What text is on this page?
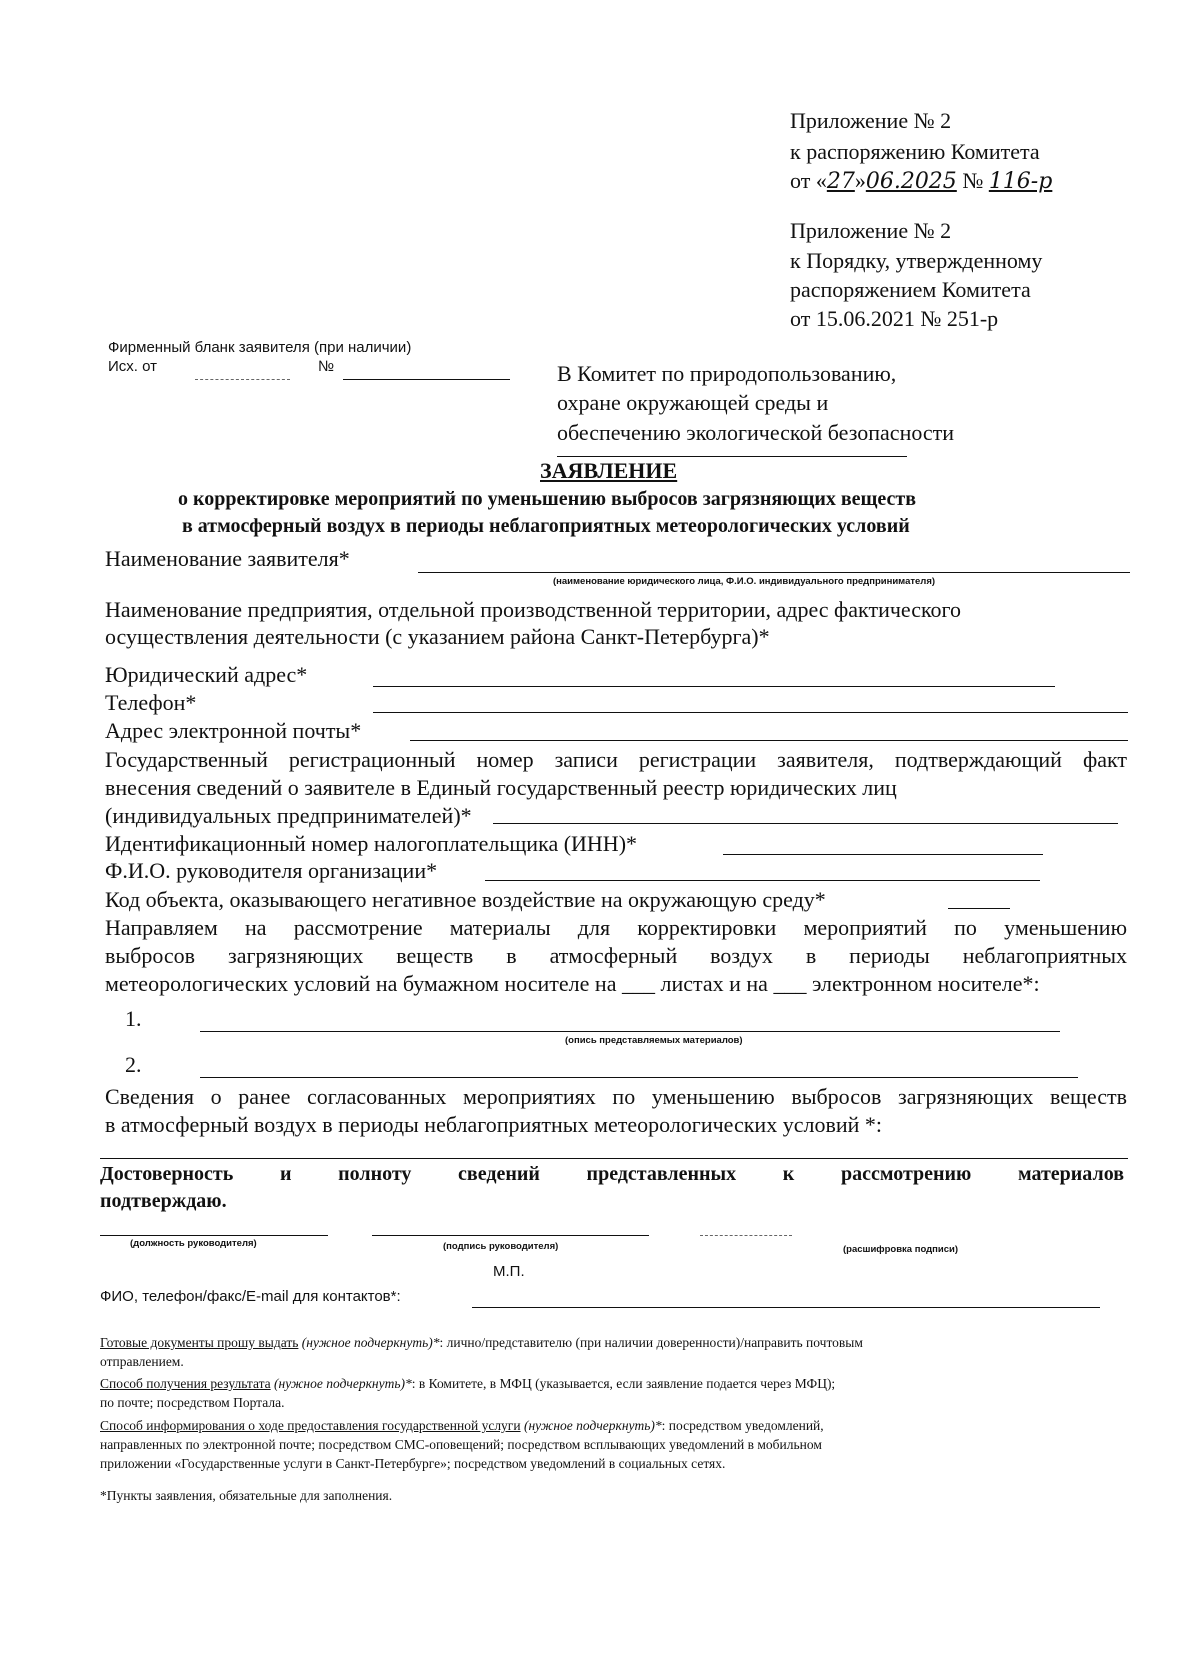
Приложение № 2
к распоряжению Комитета
от «27»06.2025 № 116-р
Приложение № 2
к Порядку, утвержденному
распоряжением Комитета
от 15.06.2021 № 251-р
Фирменный бланк заявителя (при наличии)
Исх. от	№	В Комитет по природопользованию,
охране окружающей среды и
обеспечению экологической безопасности
ЗАЯВЛЕНИЕ
о корректировке мероприятий по уменьшению выбросов загрязняющих веществ
в атмосферный воздух в периоды неблагоприятных метеорологических условий
Наименование заявителя*
(наименование юридического лица, Ф.И.О. индивидуального предпринимателя)
Наименование предприятия, отдельной производственной территории, адрес фактического
осуществления деятельности (с указанием района Санкт-Петербурга)*
Юридический адрес*
Телефон*
Адрес электронной почты*
Государственный регистрационный номер записи регистрации заявителя, подтверждающий факт
внесения сведений о заявителе в Единый государственный реестр юридических лиц
(индивидуальных предпринимателей)*
Идентификационный номер налогоплательщика (ИНН)*
Ф.И.О. руководителя организации*
Код объекта, оказывающего негативное воздействие на окружающую среду*
Направляем на рассмотрение материалы для корректировки мероприятий по уменьшению
выбросов загрязняющих веществ в атмосферный воздух в периоды неблагоприятных
метеорологических условий на бумажном носителе на ___ листах и на ___ электронном носителе*:
1.
(опись представляемых материалов)
2.
Сведения о ранее согласованных мероприятиях по уменьшению выбросов загрязняющих веществ
в атмосферный воздух в периоды неблагоприятных метеорологических условий *:
Достоверность и полноту сведений представленных к рассмотрению материалов
подтверждаю.
(должность руководителя)	(подпись руководителя)	(расшифровка подписи)
М.П.
ФИО, телефон/факс/E-mail для контактов*:
Готовые документы прошу выдать (нужное подчеркнуть)*: лично/представителю (при наличии доверенности)/направить почтовым
отправлением.
Способ получения результата (нужное подчеркнуть)*: в Комитете, в МФЦ (указывается, если заявление подается через МФЦ);
по почте; посредством Портала.
Способ информирования о ходе предоставления государственной услуги (нужное подчеркнуть)*: посредством уведомлений,
направленных по электронной почте; посредством СМС-оповещений; посредством всплывающих уведомлений в мобильном
приложении «Государственные услуги в Санкт-Петербурге»; посредством уведомлений в социальных сетях.
*Пункты заявления, обязательные для заполнения.
